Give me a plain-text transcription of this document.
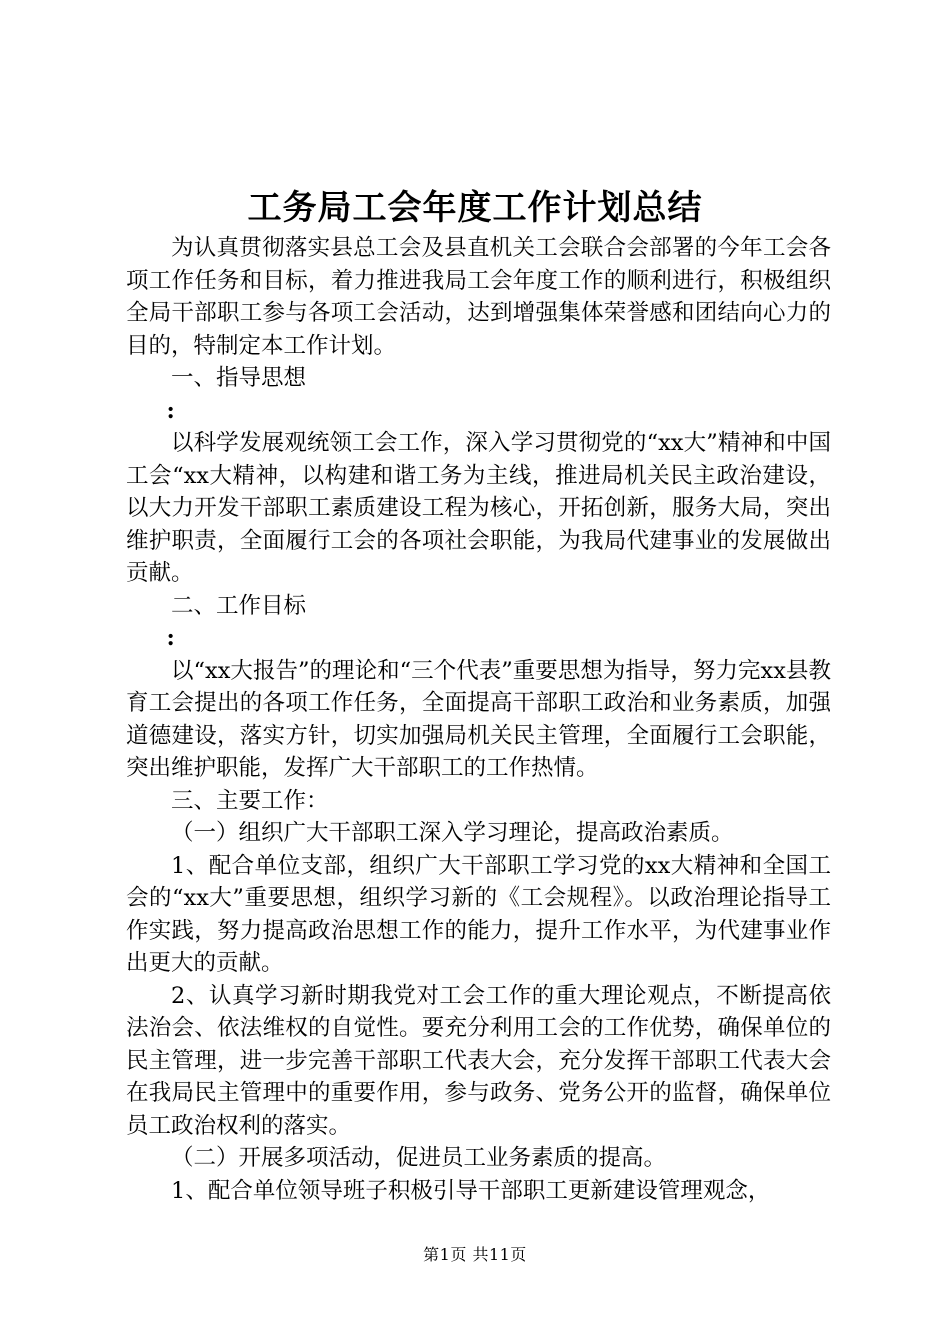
工务局工会年度工作计划总结

为认真贯彻落实县总工会及县直机关工会联合会部署的今年工会各项工作任务和目标，着力推进我局工会年度工作的顺利进行，积极组织全局干部职工参与各项工会活动，达到增强集体荣誉感和团结向心力的目的，特制定本工作计划。

一、指导思想

:

以科学发展观统领工会工作，深入学习贯彻党的“xx大”精神和中国工会“xx大精神，以构建和谐工务为主线，推进局机关民主政治建设，以大力开发干部职工素质建设工程为核心，开拓创新，服务大局，突出维护职责，全面履行工会的各项社会职能，为我局代建事业的发展做出贡献。

二、工作目标

:

以“xx大报告”的理论和“三个代表”重要思想为指导，努力完xx县教育工会提出的各项工作任务，全面提高干部职工政治和业务素质，加强道德建设，落实方针，切实加强局机关民主管理，全面履行工会职能，突出维护职能，发挥广大干部职工的工作热情。

三、主要工作：

（一）组织广大干部职工深入学习理论，提高政治素质。

1、配合单位支部，组织广大干部职工学习党的xx大精神和全国工会的“xx大”重要思想，组织学习新的《工会规程》。以政治理论指导工作实践，努力提高政治思想工作的能力，提升工作水平，为代建事业作出更大的贡献。

2、认真学习新时期我党对工会工作的重大理论观点，不断提高依法治会、依法维权的自觉性。要充分利用工会的工作优势，确保单位的民主管理，进一步完善干部职工代表大会，充分发挥干部职工代表大会在我局民主管理中的重要作用，参与政务、党务公开的监督，确保单位员工政治权利的落实。

（二）开展多项活动，促进员工业务素质的提高。

1、配合单位领导班子积极引导干部职工更新建设管理观念，

第1页 共11页
